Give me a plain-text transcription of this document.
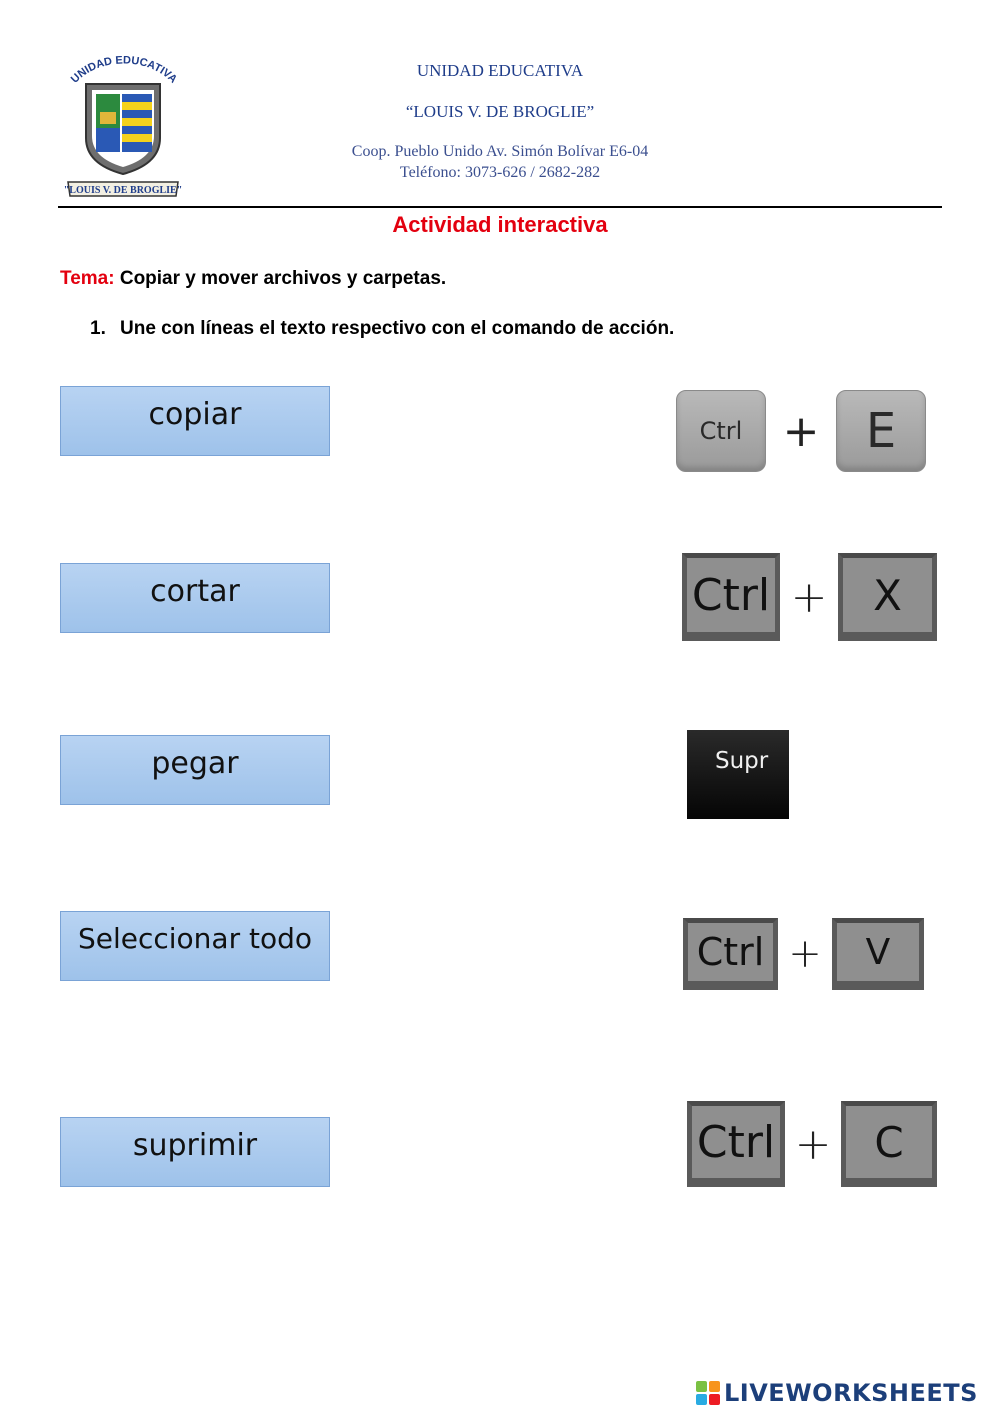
UNIDAD EDUCATIVA
"LOUIS V. DE BROGLIE"
UNIDAD EDUCATIVA
“LOUIS V. DE BROGLIE”
Coop. Pueblo Unido Av. Simón Bolívar E6-04
Teléfono: 3073-626 / 2682-282
Actividad interactiva
Tema: Copiar y mover archivos y carpetas.
1. Une con líneas el texto respectivo con el comando de acción.
copiar
cortar
pegar
Seleccionar todo
suprimir
Ctrl + E
Ctrl +	X
Supr
Ctrl +	V
Ctrl +	C
LIVEWORKSHEETS
